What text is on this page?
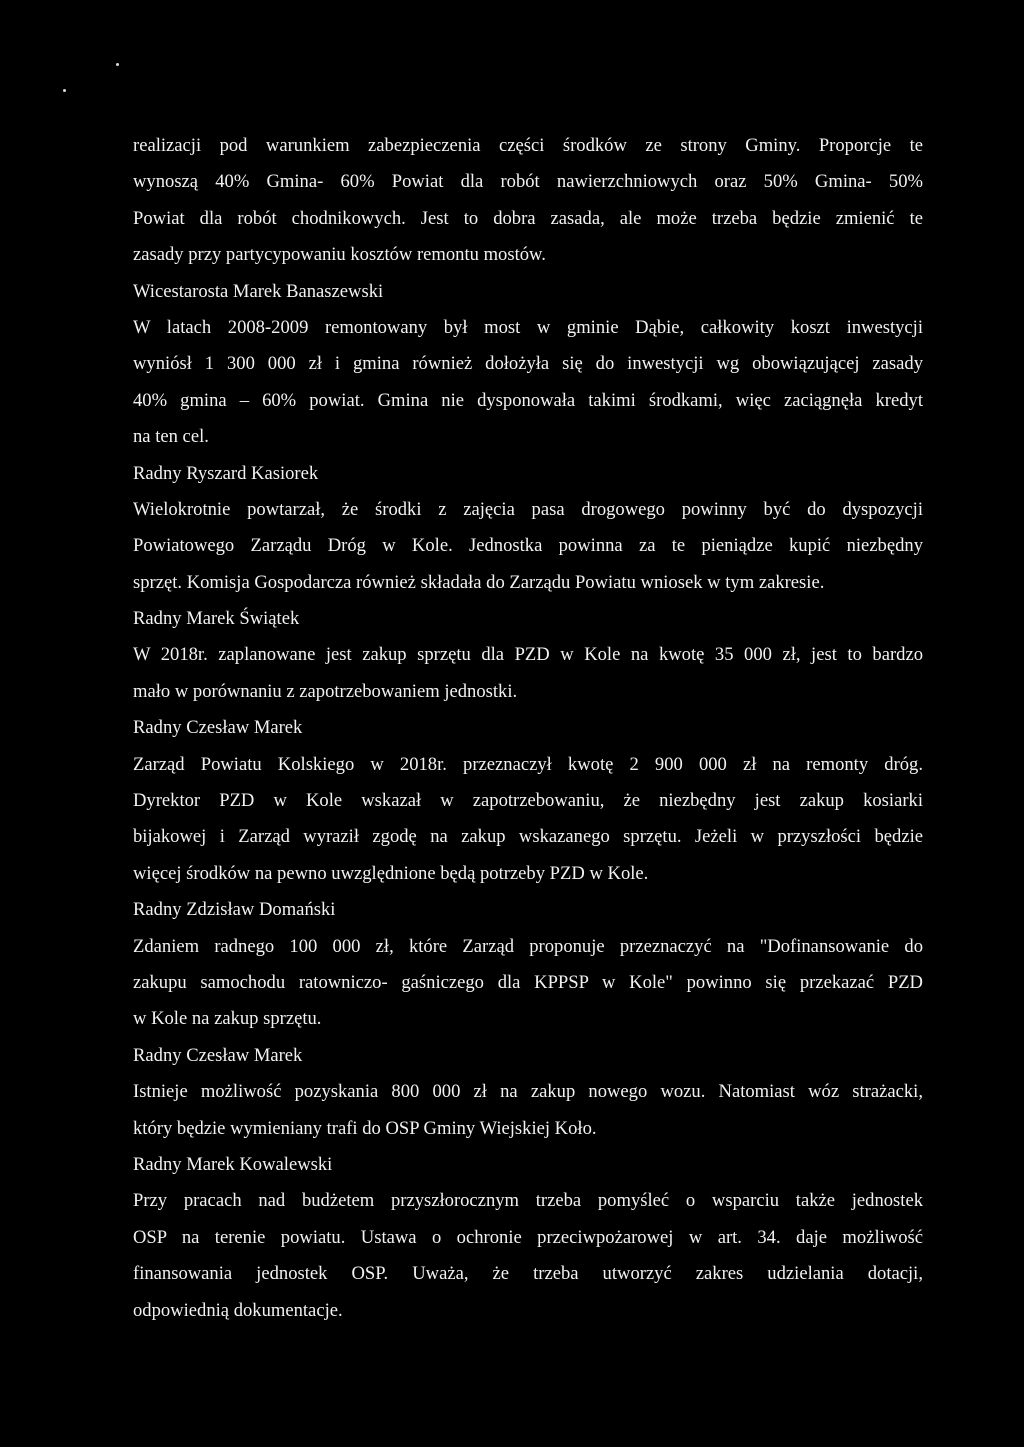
realizacji pod warunkiem zabezpieczenia części środków ze strony Gminy. Proporcje te
wynoszą 40% Gmina- 60% Powiat dla robót nawierzchniowych oraz 50% Gmina- 50%
Powiat dla robót chodnikowych. Jest to dobra zasada, ale może trzeba będzie zmienić te
zasady przy partycypowaniu kosztów remontu mostów.
Wicestarosta Marek Banaszewski
W latach 2008-2009 remontowany był most w gminie Dąbie, całkowity koszt inwestycji
wyniósł 1 300 000 zł i gmina również dołożyła się do inwestycji wg obowiązującej zasady
40% gmina – 60% powiat. Gmina nie dysponowała takimi środkami, więc zaciągnęła kredyt
na ten cel.
Radny Ryszard Kasiorek
Wielokrotnie powtarzał, że środki z zajęcia pasa drogowego powinny być do dyspozycji
Powiatowego Zarządu Dróg w Kole. Jednostka powinna za te pieniądze kupić niezbędny
sprzęt. Komisja Gospodarcza również składała do Zarządu Powiatu wniosek w tym zakresie.
Radny Marek Świątek
W 2018r. zaplanowane jest zakup sprzętu dla PZD w Kole na kwotę 35 000 zł, jest to bardzo
mało w porównaniu z zapotrzebowaniem jednostki.
Radny Czesław Marek
Zarząd Powiatu Kolskiego w 2018r. przeznaczył kwotę 2 900 000 zł na remonty dróg.
Dyrektor PZD w Kole wskazał w zapotrzebowaniu, że niezbędny jest zakup kosiarki
bijakowej i Zarząd wyraził zgodę na zakup wskazanego sprzętu. Jeżeli w przyszłości będzie
więcej środków na pewno uwzględnione będą potrzeby PZD w Kole.
Radny Zdzisław Domański
Zdaniem radnego 100 000 zł, które Zarząd proponuje przeznaczyć na "Dofinansowanie do
zakupu samochodu ratowniczo- gaśniczego dla KPPSP w Kole" powinno się przekazać PZD
w Kole na zakup sprzętu.
Radny Czesław Marek
Istnieje możliwość pozyskania 800 000 zł na zakup nowego wozu. Natomiast wóz strażacki,
który będzie wymieniany trafi do OSP Gminy Wiejskiej Koło.
Radny Marek Kowalewski
Przy pracach nad budżetem przyszłorocznym trzeba pomyśleć o wsparciu także jednostek
OSP na terenie powiatu. Ustawa o ochronie przeciwpożarowej w art. 34. daje możliwość
finansowania jednostek OSP. Uważa, że trzeba utworzyć zakres udzielania dotacji,
odpowiednią dokumentacje.
